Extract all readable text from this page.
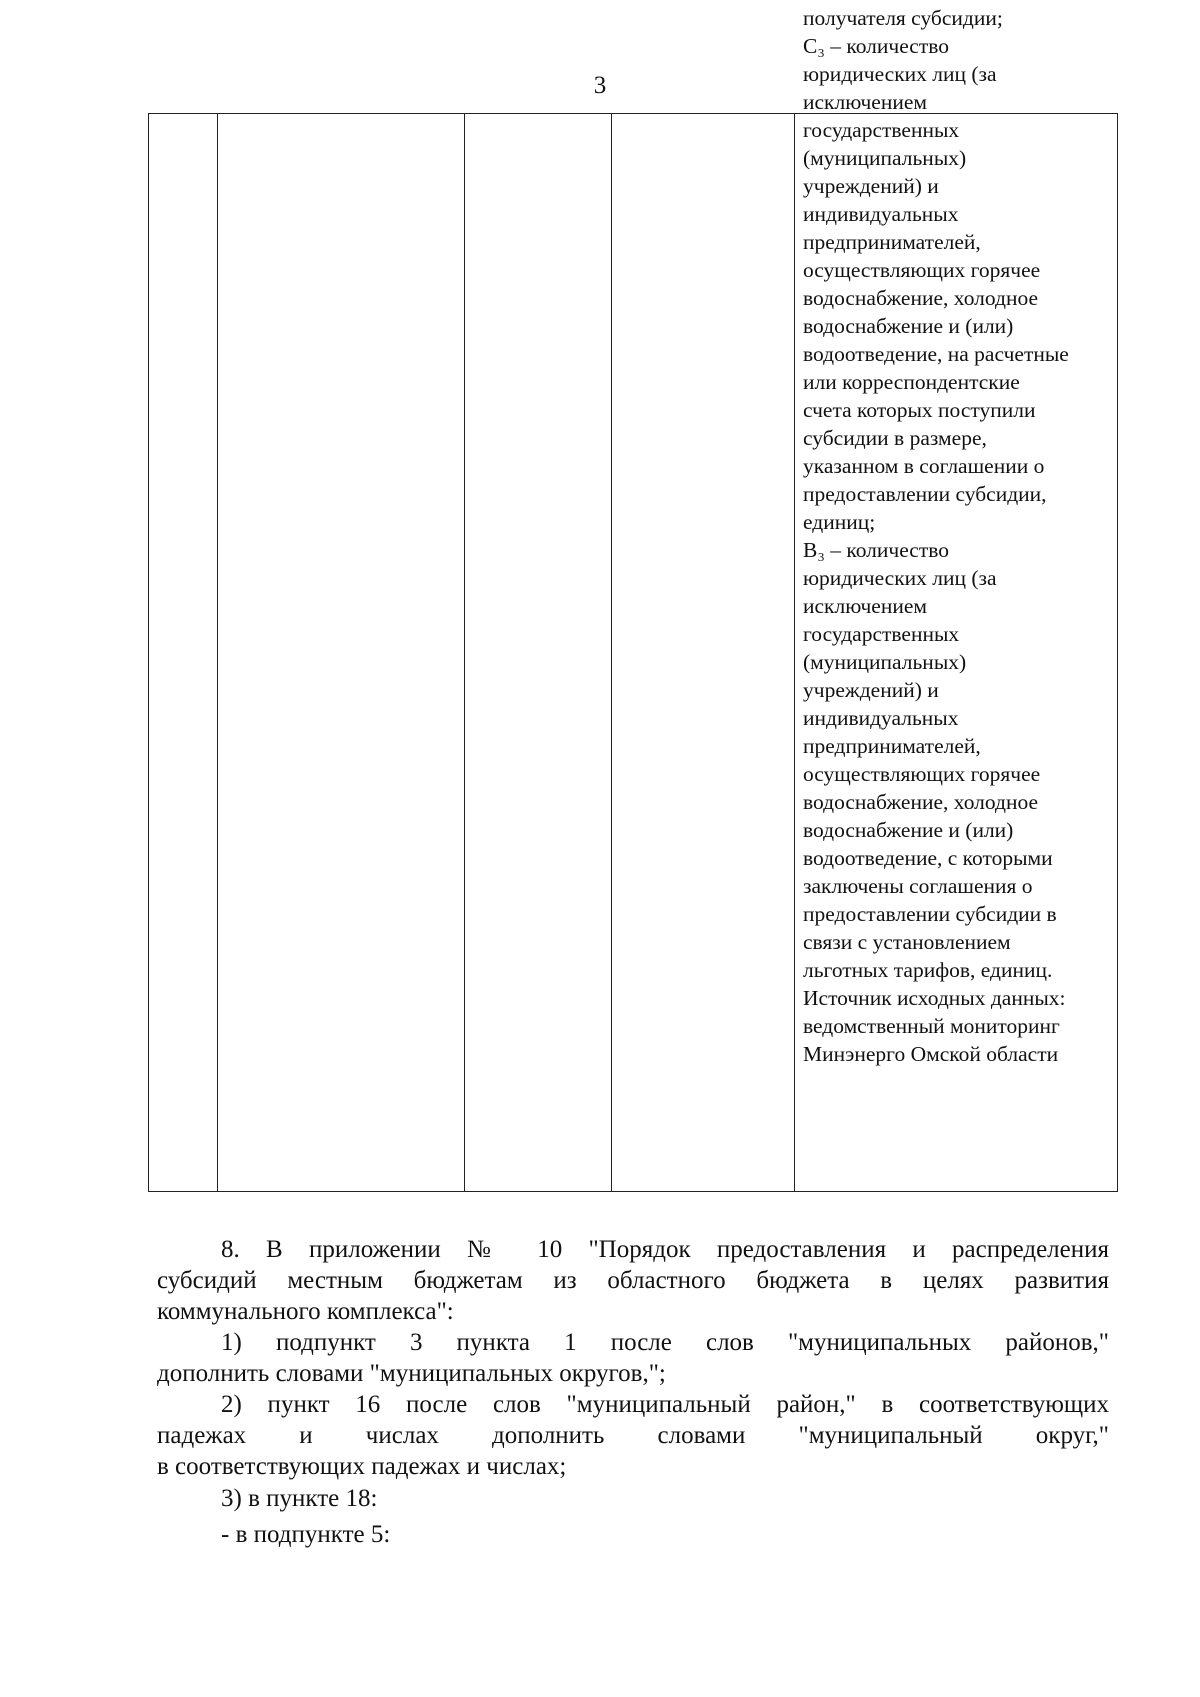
3
получателя субсидии;
С₃ – количество
юридических лиц (за
исключением
государственных
(муниципальных)
учреждений) и
индивидуальных
предпринимателей,
осуществляющих горячее
водоснабжение, холодное
водоснабжение и (или)
водоотведение, на расчетные
или корреспондентские
счета которых поступили
субсидии в размере,
указанном в соглашении о
предоставлении субсидии,
единиц;
В₃ – количество
юридических лиц (за
исключением
государственных
(муниципальных)
учреждений) и
индивидуальных
предпринимателей,
осуществляющих горячее
водоснабжение, холодное
водоснабжение и (или)
водоотведение, с которыми
заключены соглашения о
предоставлении субсидии в
связи с установлением
льготных тарифов, единиц.
Источник исходных данных:
ведомственный мониторинг
Минэнерго Омской области
8. В приложении № 10 "Порядок предоставления и распределения
субсидий местным бюджетам из областного бюджета в целях развития
коммунального комплекса":
1) подпункт 3 пункта 1 после слов "муниципальных районов,"
дополнить словами "муниципальных округов,";
2) пункт 16 после слов "муниципальный район," в соответствующих
падежах и числах дополнить словами "муниципальный округ,"
в соответствующих падежах и числах;
3) в пункте 18:
- в подпункте 5:
